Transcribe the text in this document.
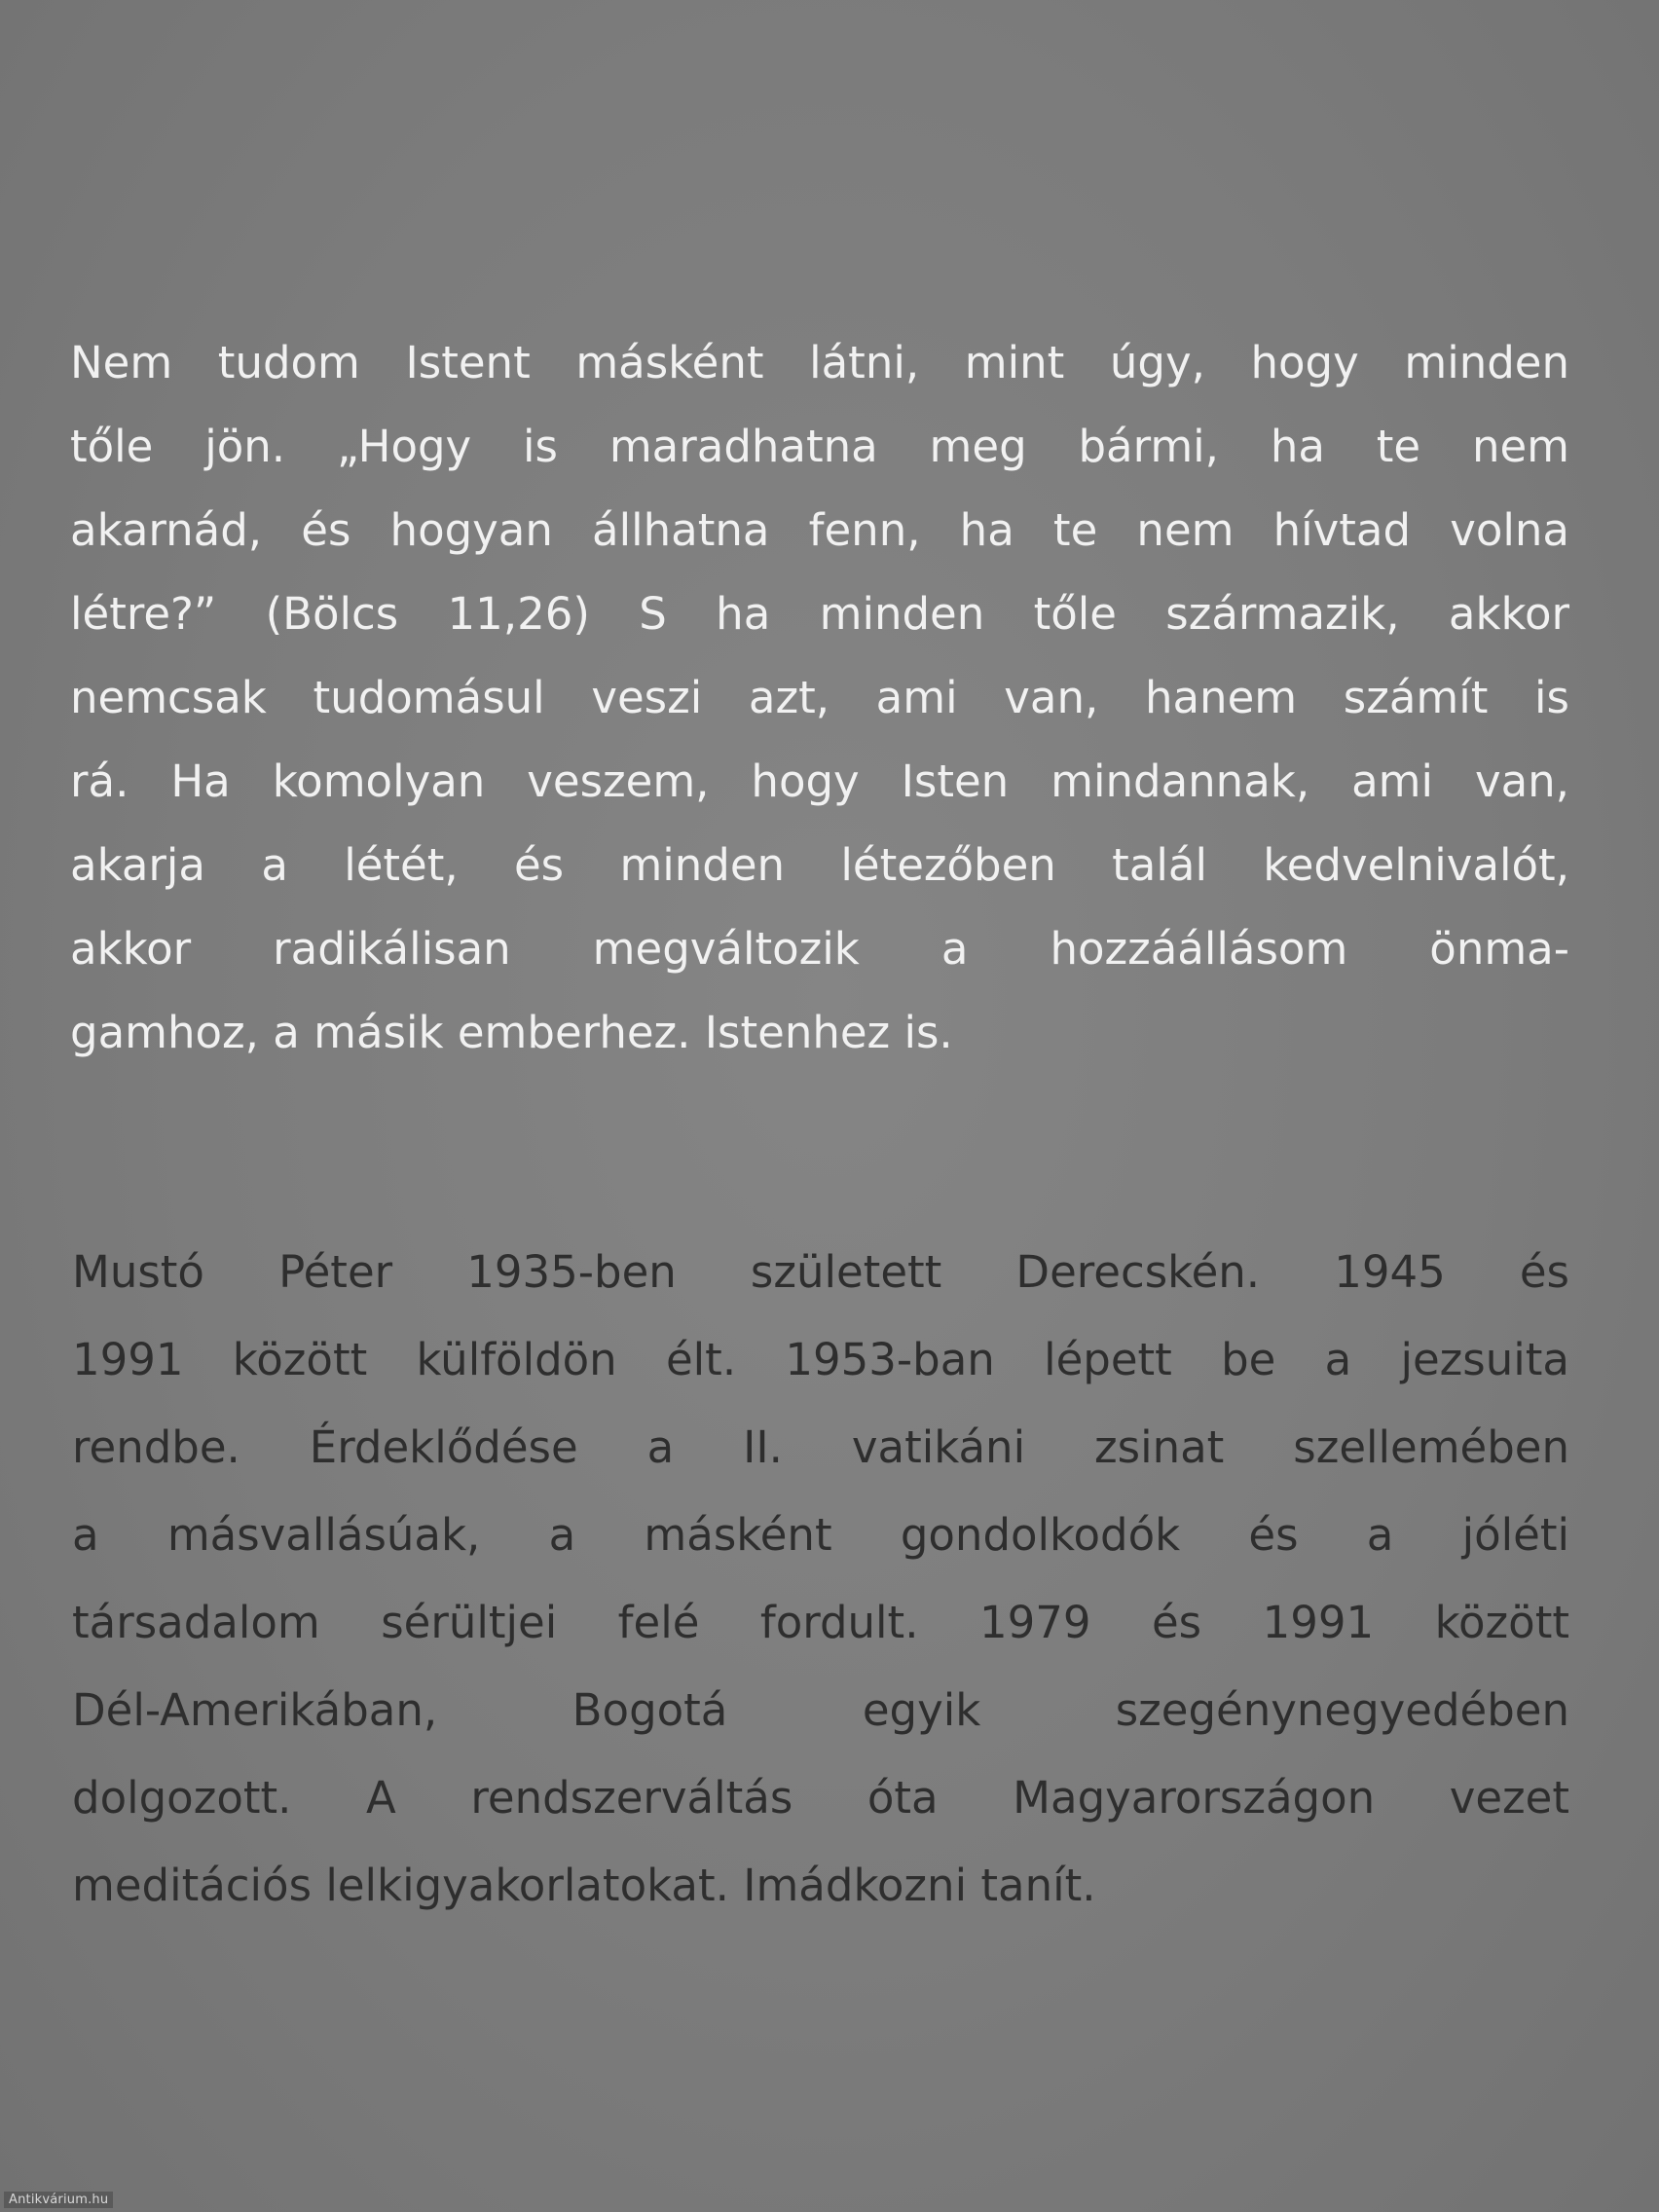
Nem tudom Istent másként látni, mint úgy, hogy minden
tőle jön. „Hogy is maradhatna meg bármi, ha te nem
akarnád, és hogyan állhatna fenn, ha te nem hívtad volna
létre?” (Bölcs 11,26) S ha minden tőle származik, akkor
nemcsak tudomásul veszi azt, ami van, hanem számít is
rá. Ha komolyan veszem, hogy Isten mindannak, ami van,
akarja a létét, és minden létezőben talál kedvelnivalót,
akkor radikálisan megváltozik a hozzáállásom önma-
gamhoz, a másik emberhez. Istenhez is.
Mustó Péter 1935-ben született Derecskén. 1945 és
1991 között külföldön élt. 1953-ban lépett be a jezsuita
rendbe. Érdeklődése a II. vatikáni zsinat szellemében
a másvallásúak, a másként gondolkodók és a jóléti
társadalom sérültjei felé fordult. 1979 és 1991 között
Dél-Amerikában, Bogotá egyik szegénynegyedében
dolgozott. A rendszerváltás óta Magyarországon vezet
meditációs lelkigyakorlatokat. Imádkozni tanít.
Antikvárium.hu
